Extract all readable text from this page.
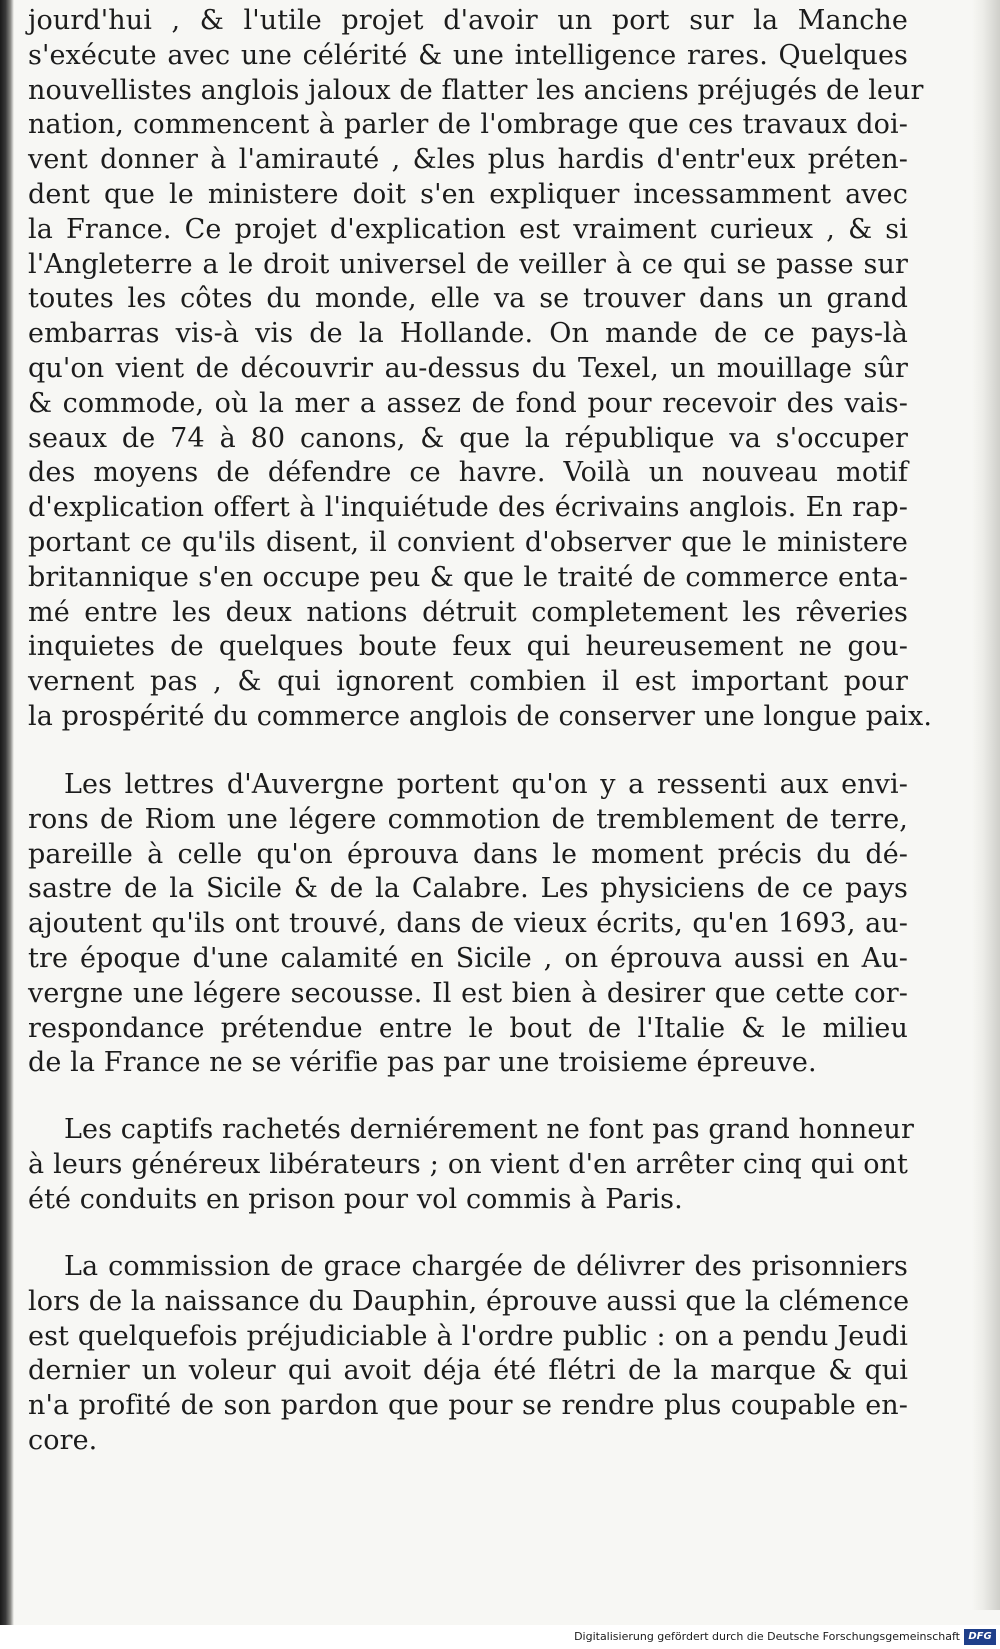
jourd'hui , & l'utile projet d'avoir un port sur la Manche
s'exécute avec une célérité & une intelligence rares. Quelques
nouvellistes anglois jaloux de flatter les anciens préjugés de leur
nation, commencent à parler de l'ombrage que ces travaux doi-
vent donner à l'amirauté , &les plus hardis d'entr'eux préten-
dent que le ministere doit s'en expliquer incessamment avec
la France. Ce projet d'explication est vraiment curieux , & si
l'Angleterre a le droit universel de veiller à ce qui se passe sur
toutes les côtes du monde, elle va se trouver dans un grand
embarras vis-à vis de la Hollande. On mande de ce pays-là
qu'on vient de découvrir au-dessus du Texel, un mouillage sûr
& commode, où la mer a assez de fond pour recevoir des vais-
seaux de 74 à 80 canons, & que la république va s'occuper
des moyens de défendre ce havre. Voilà un nouveau motif
d'explication offert à l'inquiétude des écrivains anglois. En rap-
portant ce qu'ils disent, il convient d'observer que le ministere
britannique s'en occupe peu & que le traité de commerce enta-
mé entre les deux nations détruit completement les rêveries
inquietes de quelques boute feux qui heureusement ne gou-
vernent pas , & qui ignorent combien il est important pour
la prospérité du commerce anglois de conserver une longue paix.
Les lettres d'Auvergne portent qu'on y a ressenti aux envi-
rons de Riom une légere commotion de tremblement de terre,
pareille à celle qu'on éprouva dans le moment précis du dé-
sastre de la Sicile & de la Calabre. Les physiciens de ce pays
ajoutent qu'ils ont trouvé, dans de vieux écrits, qu'en 1693, au-
tre époque d'une calamité en Sicile , on éprouva aussi en Au-
vergne une légere secousse. Il est bien à desirer que cette cor-
respondance prétendue entre le bout de l'Italie & le milieu
de la France ne se vérifie pas par une troisieme épreuve.
Les captifs rachetés derniérement ne font pas grand honneur
à leurs généreux libérateurs ; on vient d'en arrêter cinq qui ont
été conduits en prison pour vol commis à Paris.
La commission de grace chargée de délivrer des prisonniers
lors de la naissance du Dauphin, éprouve aussi que la clémence
est quelquefois préjudiciable à l'ordre public : on a pendu Jeudi
dernier un voleur qui avoit déja été flétri de la marque & qui
n'a profité de son pardon que pour se rendre plus coupable en-
core.
Digitalisierung gefördert durch die Deutsche Forschungsgemeinschaft DFG
